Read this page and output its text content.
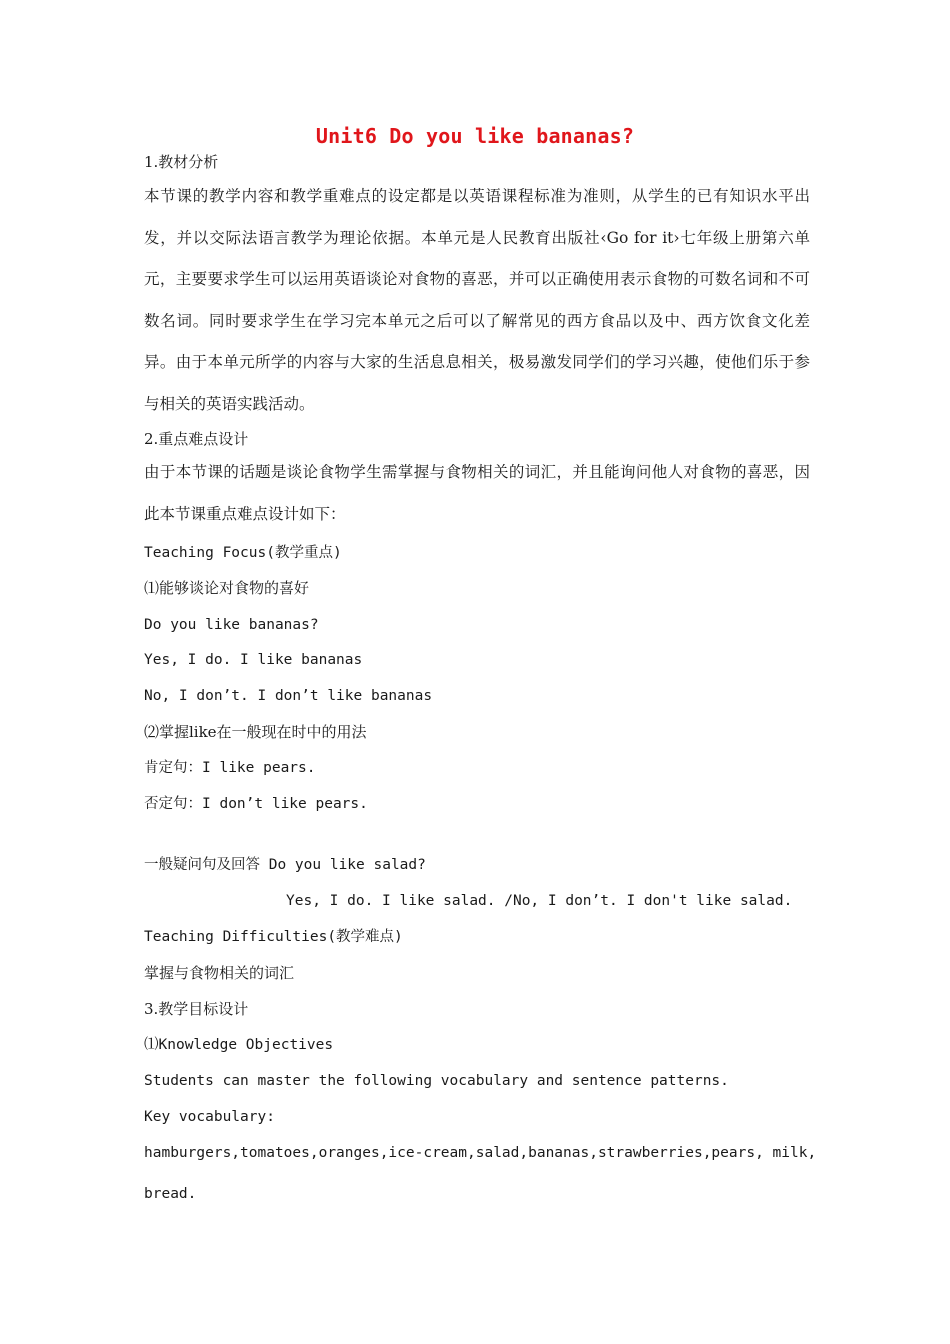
Unit6 Do you like bananas?
1.教材分析
本节课的教学内容和教学重难点的设定都是以英语课程标准为准则，从学生的已有知识水平出发，并以交际法语言教学为理论依据。本单元是人民教育出版社‹Go for it›七年级上册第六单元，主要要求学生可以运用英语谈论对食物的喜恶，并可以正确使用表示食物的可数名词和不可数名词。同时要求学生在学习完本单元之后可以了解常见的西方食品以及中、西方饮食文化差异。由于本单元所学的内容与大家的生活息息相关，极易激发同学们的学习兴趣，使他们乐于参与相关的英语实践活动。
2.重点难点设计
由于本节课的话题是谈论食物学生需掌握与食物相关的词汇，并且能询问他人对食物的喜恶，因此本节课重点难点设计如下：
Teaching Focus(教学重点)
⑴能够谈论对食物的喜好
Do you like bananas?
Yes, I do. I like bananas
No, I don’t. I don’t like bananas
⑵掌握like在一般现在时中的用法
肯定句：I like pears.
否定句：I don’t like pears.
一般疑问句及回答 Do you like salad?
Yes, I do. I like salad. /No, I don’t. I don't like salad.
Teaching Difficulties(教学难点)
掌握与食物相关的词汇
3.教学目标设计
⑴Knowledge Objectives
Students can master the following vocabulary and sentence patterns.
Key vocabulary:
hamburgers,tomatoes,oranges,ice-cream,salad,bananas,strawberries,pears, milk,
bread.
